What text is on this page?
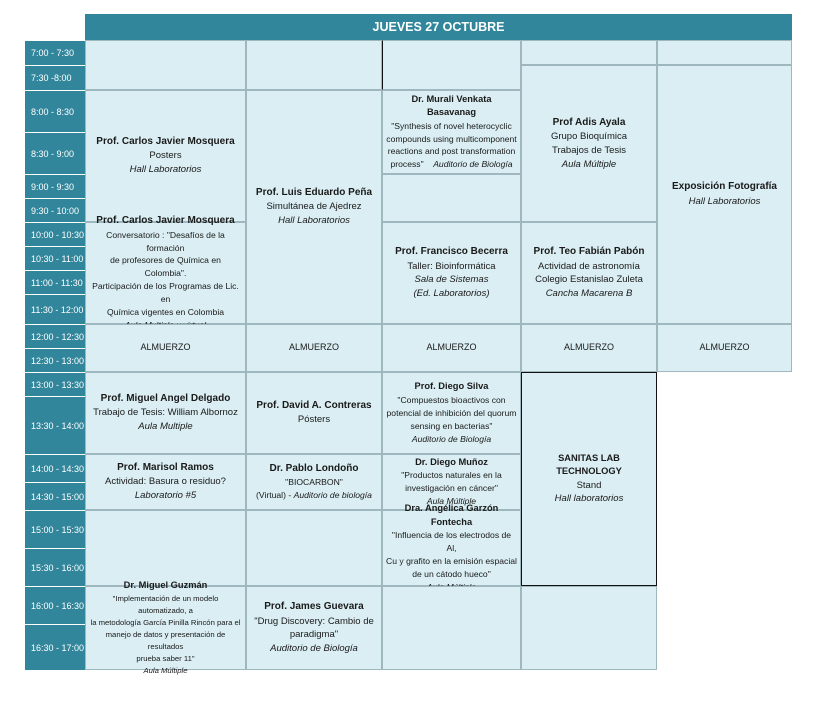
JUEVES 27 OCTUBRE
7:00 - 7:30
7:30 -8:00
8:00 - 8:30
8:30 - 9:00
9:00 - 9:30
9:30 - 10:00
10:00 - 10:30
10:30 - 11:00
11:00 - 11:30
11:30 - 12:00
12:00 - 12:30
12:30 - 13:00
13:00 - 13:30
13:30 - 14:00
14:00 - 14:30
14:30 - 15:00
15:00 - 15:30
15:30 - 16:00
16:00 - 16:30
16:30 - 17:00
Prof. Carlos Javier Mosquera
Posters
Hall Laboratorios
Prof. Carlos Javier Mosquera
Conversatorio : "Desafíos de la formación
de profesores de Química en Colombia".
Participación de los Programas de Lic. en
Química vigentes en Colombia
ALMUERZO
Prof. Miguel Angel Delgado
Trabajo de Tesis: William Albornoz
Aula Multiple
Prof. Marisol Ramos
Actividad: Basura o residuo?
Laboratorio #5
Dr. Miguel Guzmán
"Implementación de un modelo automatizado, a
la metodología García Pinilla Rincón para el
manejo de datos y presentación de resultados
prueba saber 11"
Aula Múltiple
Prof. Luis Eduardo Peña
Simultánea de Ajedrez
Hall Laboratorios
ALMUERZO
Prof. David A. Contreras
Pósters
Dr. Pablo Londoño
"BIOCARBON"
(Virtual) - Auditorio de biología
Prof. James Guevara
"Drug Discovery: Cambio de
paradigma"
Auditorio de Biología
Dr. Murali Venkata Basavanag
"Synthesis of novel heterocyclic
compounds using multicomponent
reactions and post transformation
process" Auditorio de Biología
Prof. Francisco Becerra
Taller: Bioinformática
Sala de Sistemas
(Ed. Laboratorios)
ALMUERZO
Prof. Diego Silva
"Compuestos bioactivos con
potencial de inhibición del quorum
sensing en bacterias"
Auditorio de Biología
Dr. Diego Muñoz
"Productos naturales en la
investigación en cáncer"
Aula Múltiple
Dra. Angélica Garzón Fontecha
"Influencia de los electrodos de Al,
Cu y grafito en la emisión espacial
de un cátodo hueco"
Prof Adis Ayala
Grupo Bioquímica
Trabajos de Tesis
Aula Múltiple
Prof. Teo Fabián Pabón
Actividad de astronomía
Colegio Estanislao Zuleta
Cancha Macarena B
ALMUERZO
SANITAS LAB TECHNOLOGY
Stand
Hall laboratorios
Exposición Fotografía
Hall Laboratorios
ALMUERZO
